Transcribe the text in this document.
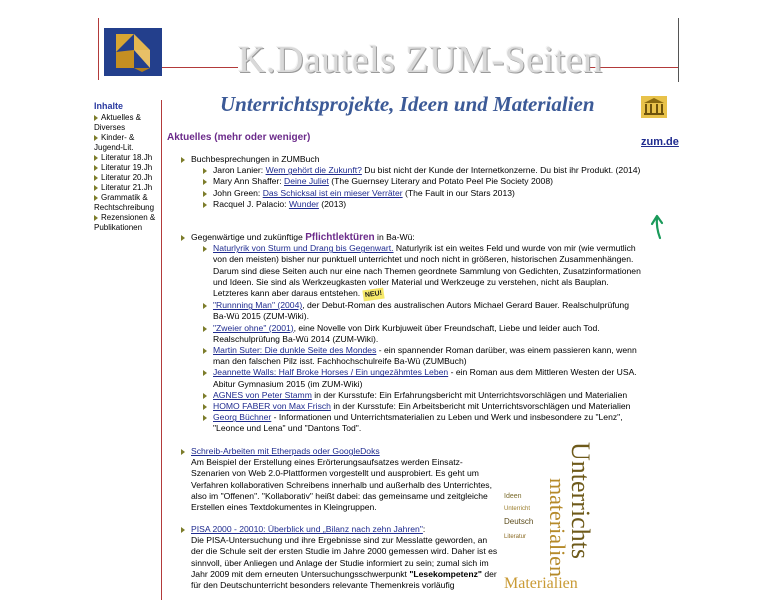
K.Dautels ZUM-Seiten
Unterrichtsprojekte, Ideen und Materialien
zum.de
Inhalte
Aktuelles & Diverses
Kinder- & Jugend-Lit.
Literatur 18.Jh
Literatur 19.Jh
Literatur 20.Jh
Literatur 21.Jh
Grammatik & Rechtschreibung
Rezensionen & Publikationen
Aktuelles (mehr oder weniger)
Buchbesprechungen in ZUMBuch
Jaron Lanier: Wem gehört die Zukunft? Du bist nicht der Kunde der Internetkonzerne. Du bist ihr Produkt. (2014)
Mary Ann Shaffer: Deine Juliet (The Guernsey Literary and Potato Peel Pie Society 2008)
John Green: Das Schicksal ist ein mieser Verräter (The Fault in our Stars 2013)
Racquel J. Palacio: Wunder (2013)
Gegenwärtige und zukünftige Pflichtlektüren in Ba-Wü:
Naturlyrik von Sturm und Drang bis Gegenwart. Naturlyrik ist ein weites Feld und wurde von mir (wie vermutlich von den meisten) bisher nur punktuell unterrichtet und noch nicht in größeren, historischen Zusammenhängen. Darum sind diese Seiten auch nur eine nach Themen geordnete Sammlung von Gedichten, Zusatzinformationen und Ideen. Sie sind als Werkzeugkasten voller Material und Werkzeuge zu verstehen, nicht als Bauplan. Letzteres kann aber daraus entstehen. NEU!
"Runnning Man" (2004), der Debut-Roman des australischen Autors Michael Gerard Bauer. Realschulprüfung Ba-Wü 2015 (ZUM-Wiki).
"Zweier ohne" (2001), eine Novelle von Dirk Kurbjuweit über Freundschaft, Liebe und leider auch Tod. Realschulprüfung Ba-Wü 2014 (ZUM-Wiki).
Martin Suter: Die dunkle Seite des Mondes - ein spannender Roman darüber, was einem passieren kann, wenn man den falschen Pilz isst. Fachhochschulreife Ba-Wü (ZUMBuch)
Jeannette Walls: Half Broke Horses / Ein ungezähmtes Leben - ein Roman aus dem Mittleren Westen der USA. Abitur Gymnasium 2015 (im ZUM-Wiki)
AGNES von Peter Stamm in der Kursstufe: Ein Erfahrungsbericht mit Unterrichtsvorschlägen und Materialien
HOMO FABER von Max Frisch in der Kursstufe: Ein Arbeitsbericht mit Unterrichtsvorschlägen und Materialien
Georg Büchner - Informationen und Unterrichtsmaterialien zu Leben und Werk und insbesondere zu "Lenz", "Leonce und Lena" und "Dantons Tod".
Schreib-Arbeiten mit Etherpads oder GoogleDoks
Am Beispiel der Erstellung eines Erörterungsaufsatzes werden Einsatz-Szenarien von Web 2.0-Plattformen vorgestellt und ausprobiert. Es geht um Verfahren kollaborativen Schreibens innerhalb und außerhalb des Unterrichtes, also im "Offenen". "Kollaborativ" heißt dabei: das gemeinsame und zeitgleiche Erstellen eines Textdokumentes in Kleingruppen.
PISA 2000 - 20010: Überblick und „Bilanz nach zehn Jahren":
Die PISA-Untersuchung und ihre Ergebnisse sind zur Messlatte geworden, an der die Schule seit der ersten Studie im Jahre 2000 gemessen wird. Daher ist es sinnvoll, über Anliegen und Anlage der Studie informiert zu sein; zumal sich im Jahr 2009 mit dem erneuten Untersuchungsschwerpunkt "Lesekompetenz" der für den Deutschunterricht besonders relevante Themenkreis vorläufig
Unterrichts
materialien
Ideen
Unterricht
Deutsch
Literatur
Materialien
